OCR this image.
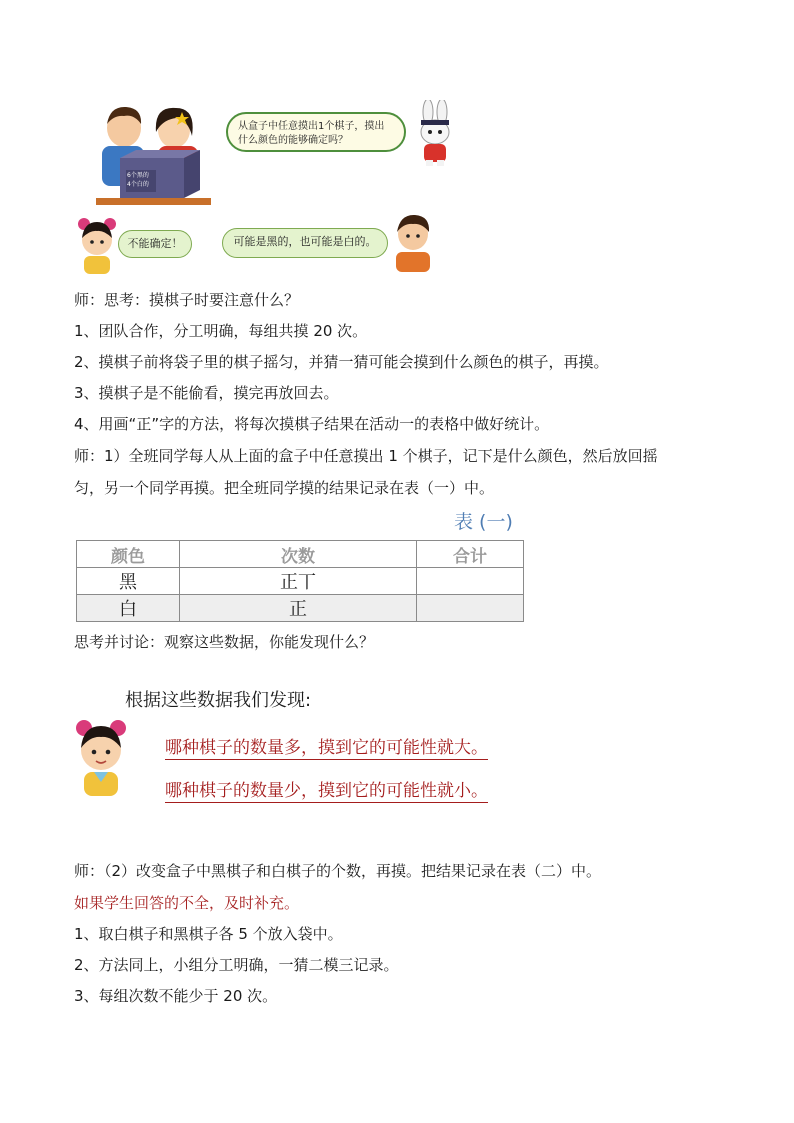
6个黑的
4个白的
从盒子中任意摸出1个棋子，摸出什么颜色的能够确定吗？
不能确定！	可能是黑的，也可能是白的。
师：思考：摸棋子时要注意什么？
1、团队合作，分工明确，每组共摸 20 次。
2、摸棋子前将袋子里的棋子摇匀，并猜一猜可能会摸到什么颜色的棋子，再摸。
3、摸棋子是不能偷看，摸完再放回去。
4、用画“正”字的方法，将每次摸棋子结果在活动一的表格中做好统计。
师：1）全班同学每人从上面的盒子中任意摸出 1 个棋子，记下是什么颜色，然后放回摇
匀，另一个同学再摸。把全班同学摸的结果记录在表（一）中。
表 (一)
颜色	次数	合计
黑	正丅	
白	正	
思考并讨论：观察这些数据，你能发现什么？
根据这些数据我们发现:
哪种棋子的数量多，摸到它的可能性就大。
哪种棋子的数量少，摸到它的可能性就小。
师：（2）改变盒子中黑棋子和白棋子的个数，再摸。把结果记录在表（二）中。
如果学生回答的不全，及时补充。
1、取白棋子和黑棋子各 5 个放入袋中。
2、方法同上，小组分工明确，一猜二模三记录。
3、每组次数不能少于 20 次。
